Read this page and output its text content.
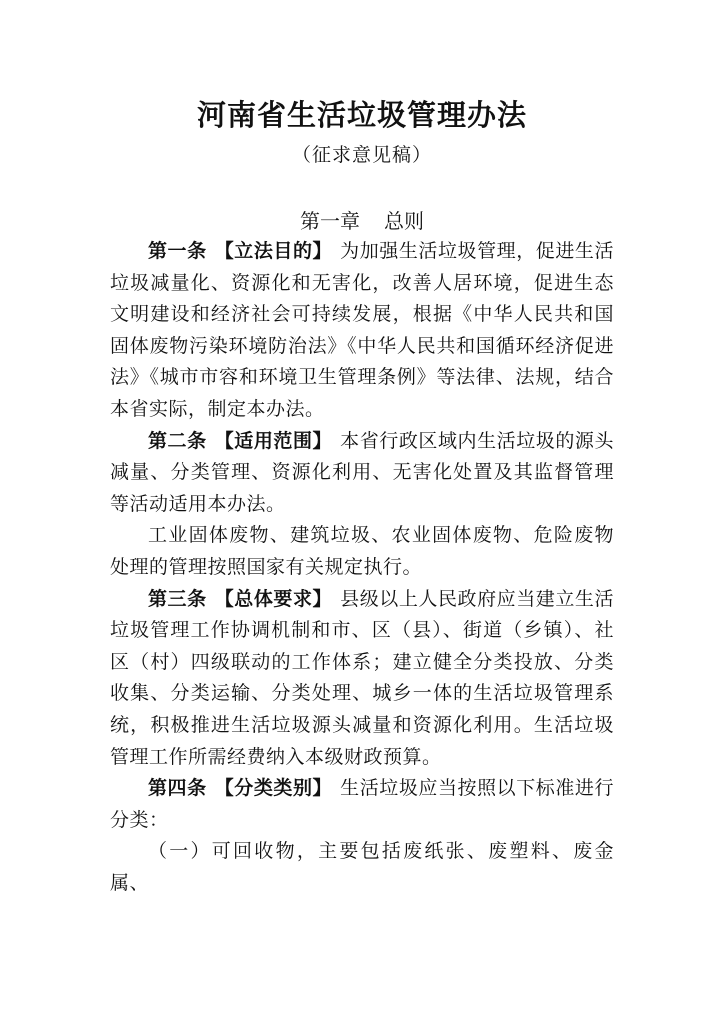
河南省生活垃圾管理办法
（征求意见稿）
第一章 总则

第一条 【立法目的】 为加强生活垃圾管理，促进生活垃圾减量化、资源化和无害化，改善人居环境，促进生态文明建设和经济社会可持续发展，根据《中华人民共和国固体废物污染环境防治法》《中华人民共和国循环经济促进法》《城市市容和环境卫生管理条例》等法律、法规，结合本省实际，制定本办法。

第二条 【适用范围】 本省行政区域内生活垃圾的源头减量、分类管理、资源化利用、无害化处置及其监督管理等活动适用本办法。

工业固体废物、建筑垃圾、农业固体废物、危险废物处理的管理按照国家有关规定执行。

第三条 【总体要求】 县级以上人民政府应当建立生活垃圾管理工作协调机制和市、区（县）、街道（乡镇）、社区（村）四级联动的工作体系；建立健全分类投放、分类收集、分类运输、分类处理、城乡一体的生活垃圾管理系统，积极推进生活垃圾源头减量和资源化利用。生活垃圾管理工作所需经费纳入本级财政预算。

第四条 【分类类别】 生活垃圾应当按照以下标准进行分类：

（一）可回收物，主要包括废纸张、废塑料、废金属、
